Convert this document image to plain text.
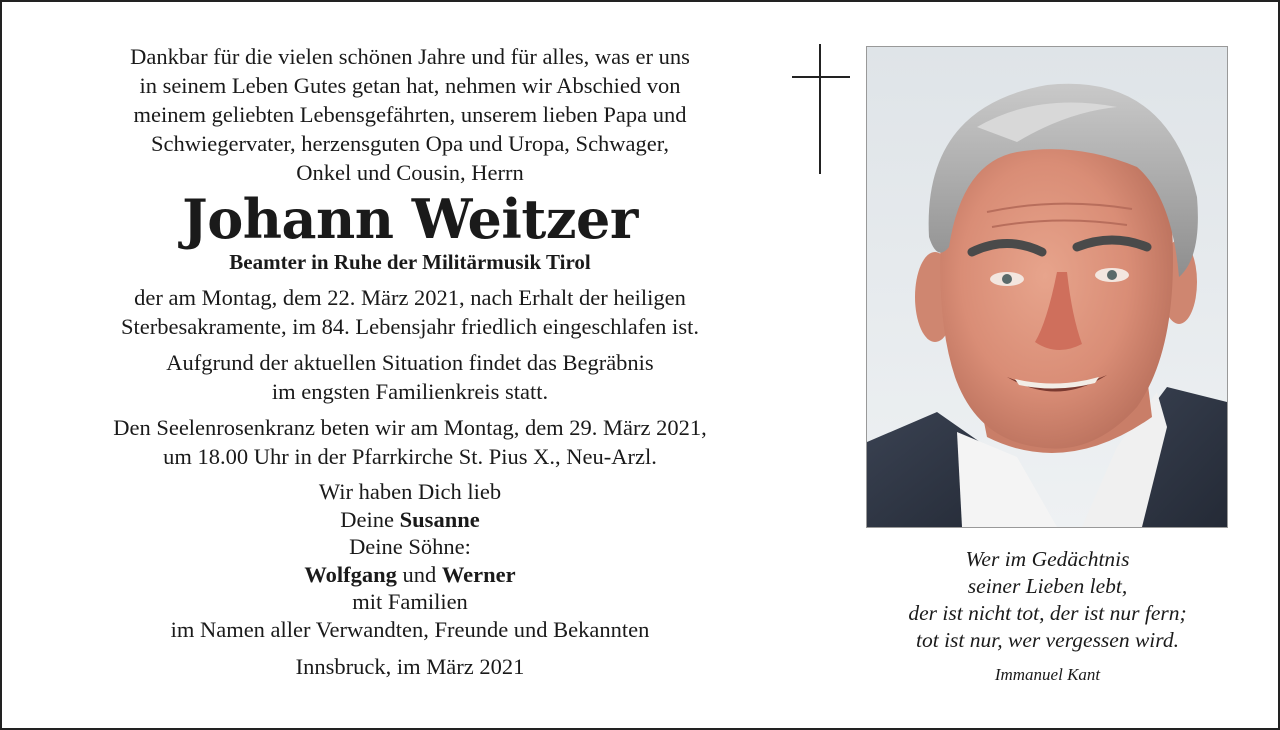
Dankbar für die vielen schönen Jahre und für alles, was er uns
in seinem Leben Gutes getan hat, nehmen wir Abschied von
meinem geliebten Lebensgefährten, unserem lieben Papa und
Schwiegervater, herzensguten Opa und Uropa, Schwager,
Onkel und Cousin, Herrn
Johann Weitzer
Beamter in Ruhe der Militärmusik Tirol
der am Montag, dem 22. März 2021, nach Erhalt der heiligen
Sterbesakramente, im 84. Lebensjahr friedlich eingeschlafen ist.
Aufgrund der aktuellen Situation findet das Begräbnis
im engsten Familienkreis statt.
Den Seelenrosenkranz beten wir am Montag, dem 29. März 2021,
um 18.00 Uhr in der Pfarrkirche St. Pius X., Neu-Arzl.
Wir haben Dich lieb
Deine Susanne
Deine Söhne:
Wolfgang und Werner
mit Familien
im Namen aller Verwandten, Freunde und Bekannten
Innsbruck, im März 2021
Wer im Gedächtnis
seiner Lieben lebt,
der ist nicht tot, der ist nur fern;
tot ist nur, wer vergessen wird.
Immanuel Kant
